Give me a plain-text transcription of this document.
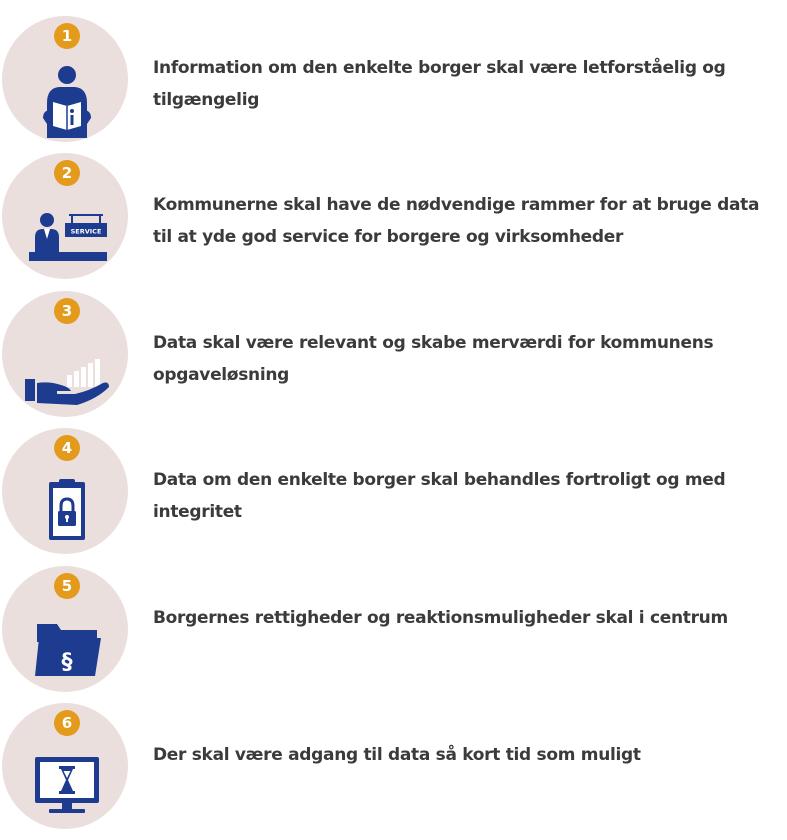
1
Information om den enkelte borger skal være letforståelig og tilgængelig
2
SERVICE
Kommunerne skal have de nødvendige rammer for at bruge data til at yde god service for borgere og virksomheder
3
Data skal være relevant og skabe merværdi for kommunens opgaveløsning
4
Data om den enkelte borger skal behandles fortroligt og med integritet
5
§
Borgernes rettigheder og reaktionsmuligheder skal i centrum
6
Der skal være adgang til data så kort tid som muligt
